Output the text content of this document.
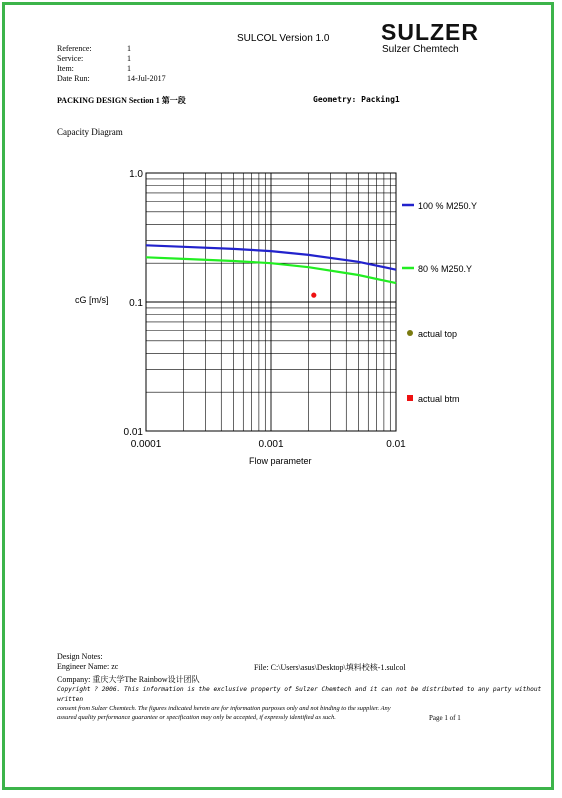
SULCOL Version 1.0 SULZER
Sulzer Chemtech
Reference:	1
Service:	1
Item:	1
Date Run:	14-Jul-2017
PACKING DESIGN Section 1 第一段	Geometry: Packing1
Capacity Diagram
0.0001	0.001	0.01
1.0
0.1
0.01
100 % M250.Y
80 % M250.Y
actual top
actual btm
Flow parameter
cG [m/s]
Design Notes:
Engineer Name: zc	File: C:\Users\asus\Desktop\填料校核-1.sulcol
Company: 重庆大学The Rainbow设计团队
Copyright ? 2006. This information is the exclusive property of Sulzer Chemtech and it can not be distributed to any party without
written
consent from Sulzer Chemtech. The figures indicated herein are for information purposes only and not binding to the supplier. Any
assured quality performance guarantee or specification may only be accepted, if expressly identified as such.	Page 1 of 1
